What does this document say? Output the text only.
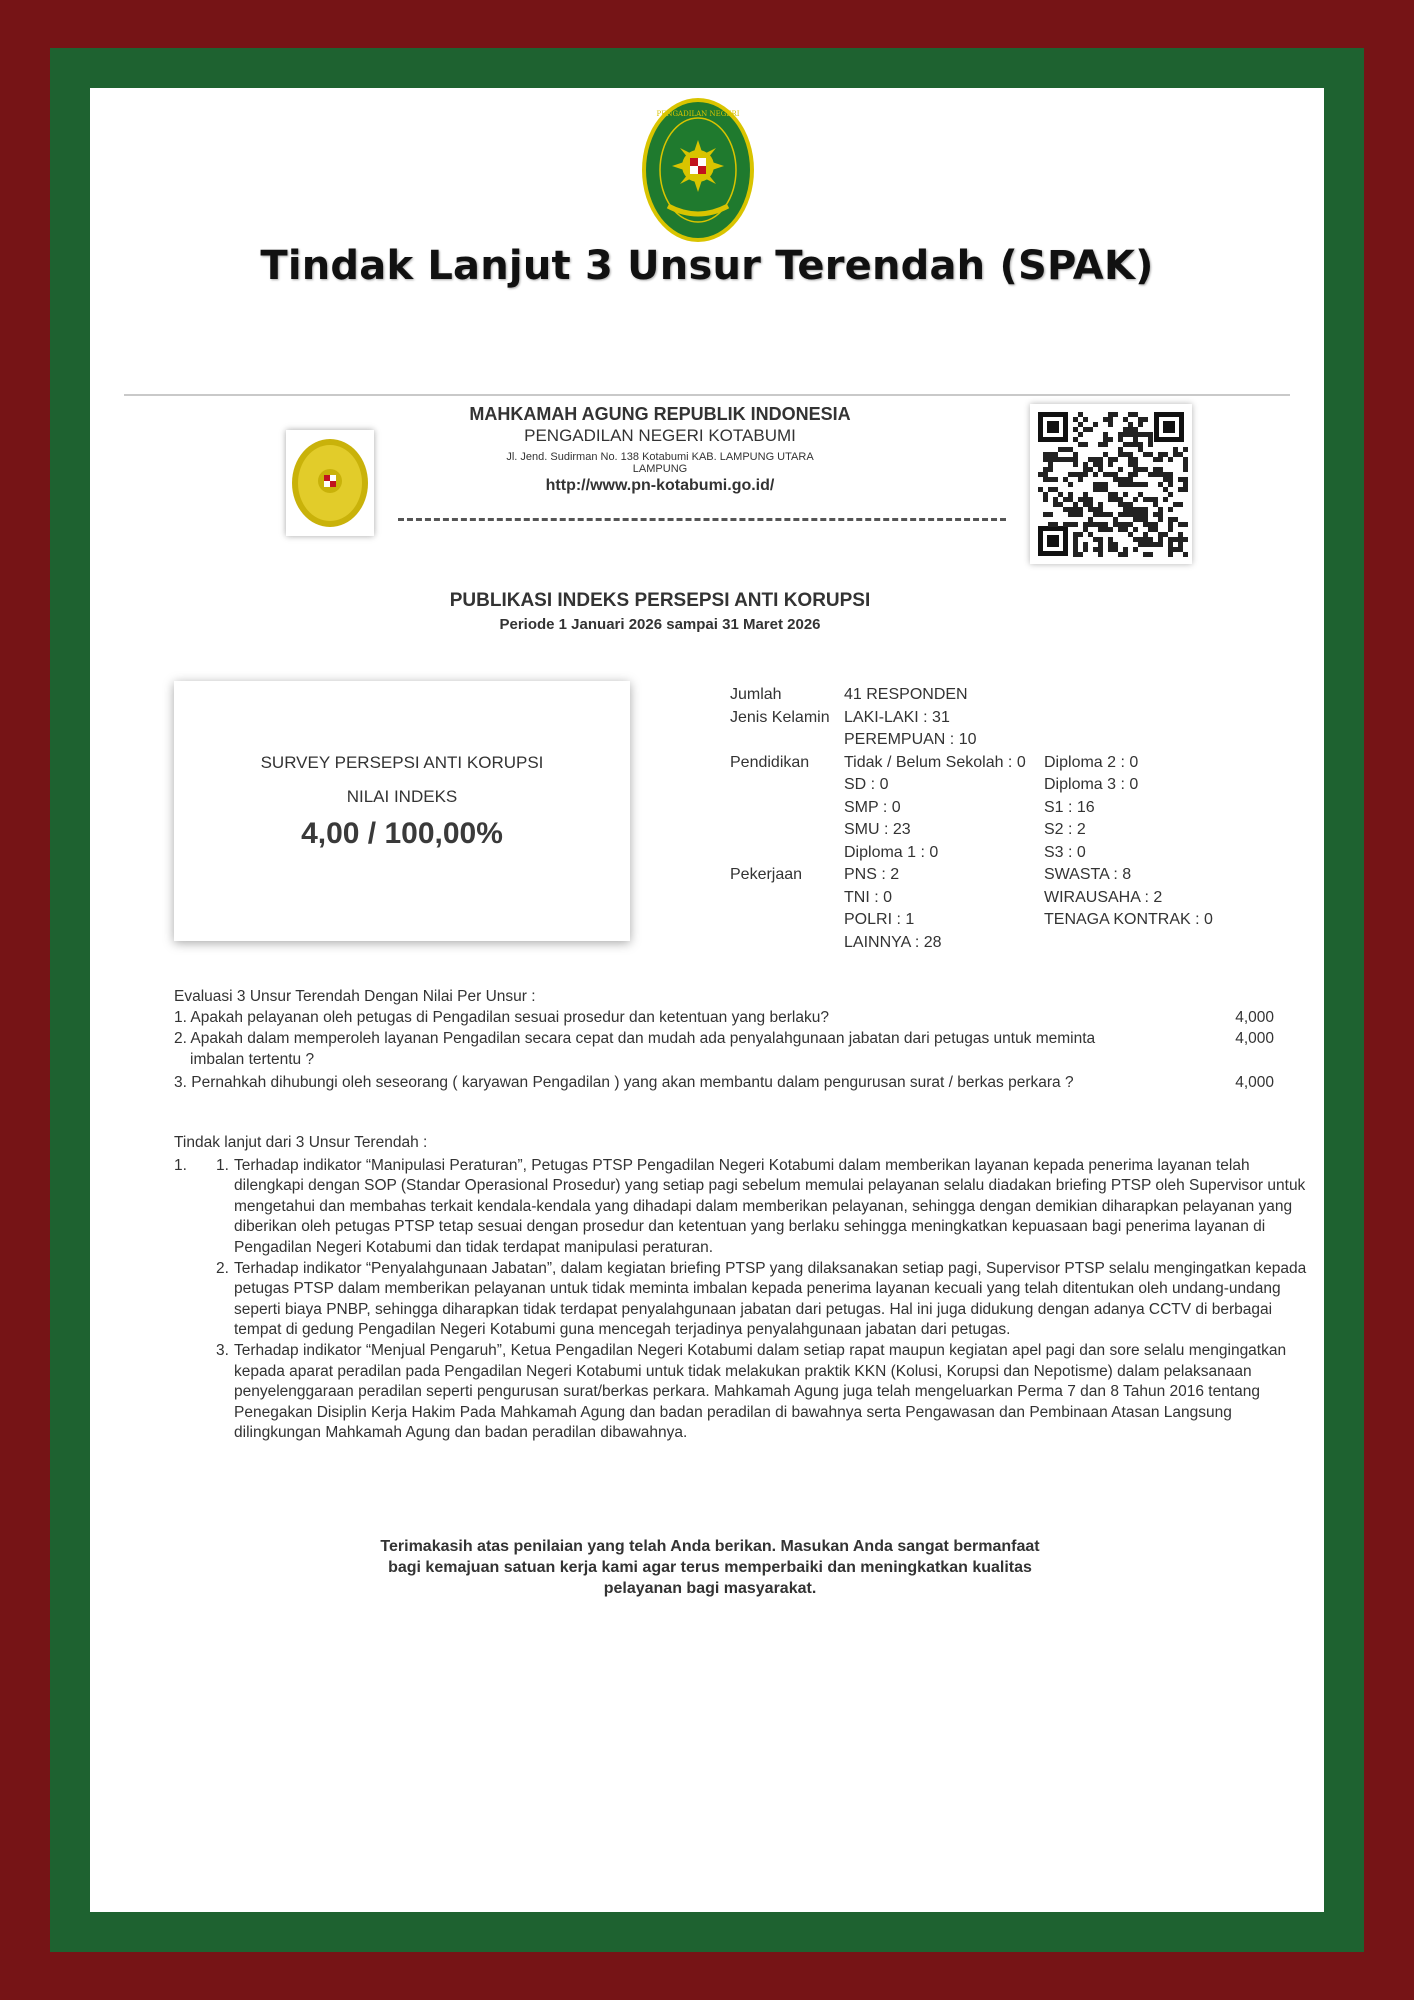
PENGADILAN NEGERI
Tindak Lanjut 3 Unsur Terendah (SPAK)
MAHKAMAH AGUNG REPUBLIK INDONESIA
PENGADILAN NEGERI KOTABUMI
Jl. Jend. Sudirman No. 138 Kotabumi KAB. LAMPUNG UTARA
LAMPUNG
http://www.pn-kotabumi.go.id/
PUBLIKASI INDEKS PERSEPSI ANTI KORUPSI
Periode 1 Januari 2026 sampai 31 Maret 2026
SURVEY PERSEPSI ANTI KORUPSI
NILAI INDEKS
4,00 / 100,00%
Jumlah	41 RESPONDEN
Jenis Kelamin LAKI-LAKI : 31
PEREMPUAN : 10
Pendidikan Tidak / Belum Sekolah : 0 Diploma 2 : 0
SD : 0	Diploma 3 : 0
SMP : 0	S1 : 16
SMU : 23	S2 : 2
Diploma 1 : 0	S3 : 0
Pekerjaan	PNS : 2	SWASTA : 8
TNI : 0	WIRAUSAHA : 2
POLRI : 1	TENAGA KONTRAK : 0
LAINNYA : 28
Evaluasi 3 Unsur Terendah Dengan Nilai Per Unsur :
1. Apakah pelayanan oleh petugas di Pengadilan sesuai prosedur dan ketentuan yang berlaku?	4,000
2. Apakah dalam memperoleh layanan Pengadilan secara cepat dan mudah ada penyalahgunaan jabatan dari petugas untuk meminta	4,000
imbalan tertentu ?
3. Pernahkah dihubungi oleh seseorang ( karyawan Pengadilan ) yang akan membantu dalam pengurusan surat / berkas perkara ?	4,000
Tindak lanjut dari 3 Unsur Terendah :
1. 1. Terhadap indikator “Manipulasi Peraturan”, Petugas PTSP Pengadilan Negeri Kotabumi dalam memberikan layanan kepada penerima layanan telah dilengkapi dengan SOP (Standar Operasional Prosedur) yang setiap pagi sebelum memulai pelayanan selalu diadakan briefing PTSP oleh Supervisor untuk mengetahui dan membahas terkait kendala-kendala yang dihadapi dalam memberikan pelayanan, sehingga dengan demikian diharapkan pelayanan yang diberikan oleh petugas PTSP tetap sesuai dengan prosedur dan ketentuan yang berlaku sehingga meningkatkan kepuasaan bagi penerima layanan di Pengadilan Negeri Kotabumi dan tidak terdapat manipulasi peraturan.
2. Terhadap indikator “Penyalahgunaan Jabatan”, dalam kegiatan briefing PTSP yang dilaksanakan setiap pagi, Supervisor PTSP selalu mengingatkan kepada petugas PTSP dalam memberikan pelayanan untuk tidak meminta imbalan kepada penerima layanan kecuali yang telah ditentukan oleh undang-undang seperti biaya PNBP, sehingga diharapkan tidak terdapat penyalahgunaan jabatan dari petugas. Hal ini juga didukung dengan adanya CCTV di berbagai tempat di gedung Pengadilan Negeri Kotabumi guna mencegah terjadinya penyalahgunaan jabatan dari petugas.
3. Terhadap indikator “Menjual Pengaruh”, Ketua Pengadilan Negeri Kotabumi dalam setiap rapat maupun kegiatan apel pagi dan sore selalu mengingatkan kepada aparat peradilan pada Pengadilan Negeri Kotabumi untuk tidak melakukan praktik KKN (Kolusi, Korupsi dan Nepotisme) dalam pelaksanaan penyelenggaraan peradilan seperti pengurusan surat/berkas perkara. Mahkamah Agung juga telah mengeluarkan Perma 7 dan 8 Tahun 2016 tentang Penegakan Disiplin Kerja Hakim Pada Mahkamah Agung dan badan peradilan di bawahnya serta Pengawasan dan Pembinaan Atasan Langsung dilingkungan Mahkamah Agung dan badan peradilan dibawahnya.
Terimakasih atas penilaian yang telah Anda berikan. Masukan Anda sangat bermanfaat bagi kemajuan satuan kerja kami agar terus memperbaiki dan meningkatkan kualitas pelayanan bagi masyarakat.
